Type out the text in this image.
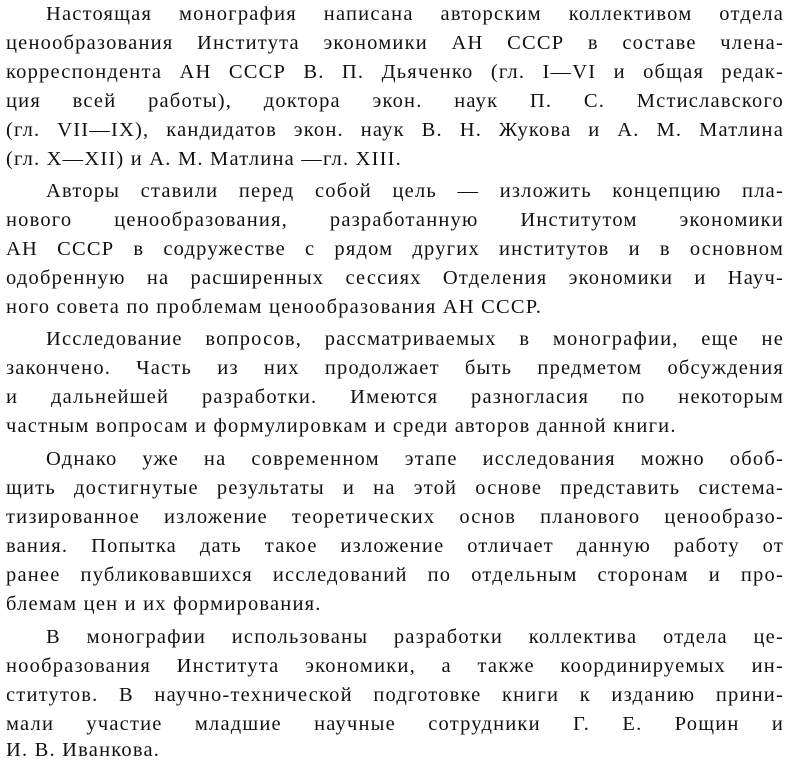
Настоящая монография написана авторским коллективом отдела
ценообразования Института экономики АН СССР в составе члена-
корреспондента АН СССР В. П. Дьяченко (гл. I—VI и общая редак-
ция всей работы), доктора экон. наук П. С. Мстиславского
(гл. VII—IX), кандидатов экон. наук В. Н. Жукова и А. М. Матлина
(гл. X—XII) и А. М. Матлина —гл. XIII.
Авторы ставили перед собой цель — изложить концепцию пла-
нового ценообразования, разработанную Институтом экономики
АН СССР в содружестве с рядом других институтов и в основном
одобренную на расширенных сессиях Отделения экономики и Науч-
ного совета по проблемам ценообразования АН СССР.
Исследование вопросов, рассматриваемых в монографии, еще не
закончено. Часть из них продолжает быть предметом обсуждения
и дальнейшей разработки. Имеются разногласия по некоторым
частным вопросам и формулировкам и среди авторов данной книги.
Однако уже на современном этапе исследования можно обоб-
щить достигнутые результаты и на этой основе представить система-
тизированное изложение теоретических основ планового ценообразо-
вания. Попытка дать такое изложение отличает данную работу от
ранее публиковавшихся исследований по отдельным сторонам и про-
блемам цен и их формирования.
В монографии использованы разработки коллектива отдела це-
нообразования Института экономики, а также координируемых ин-
ститутов. В научно-технической подготовке книги к изданию прини-
мали участие младшие научные сотрудники Г. Е. Рощин и
И. В. Иванкова.
